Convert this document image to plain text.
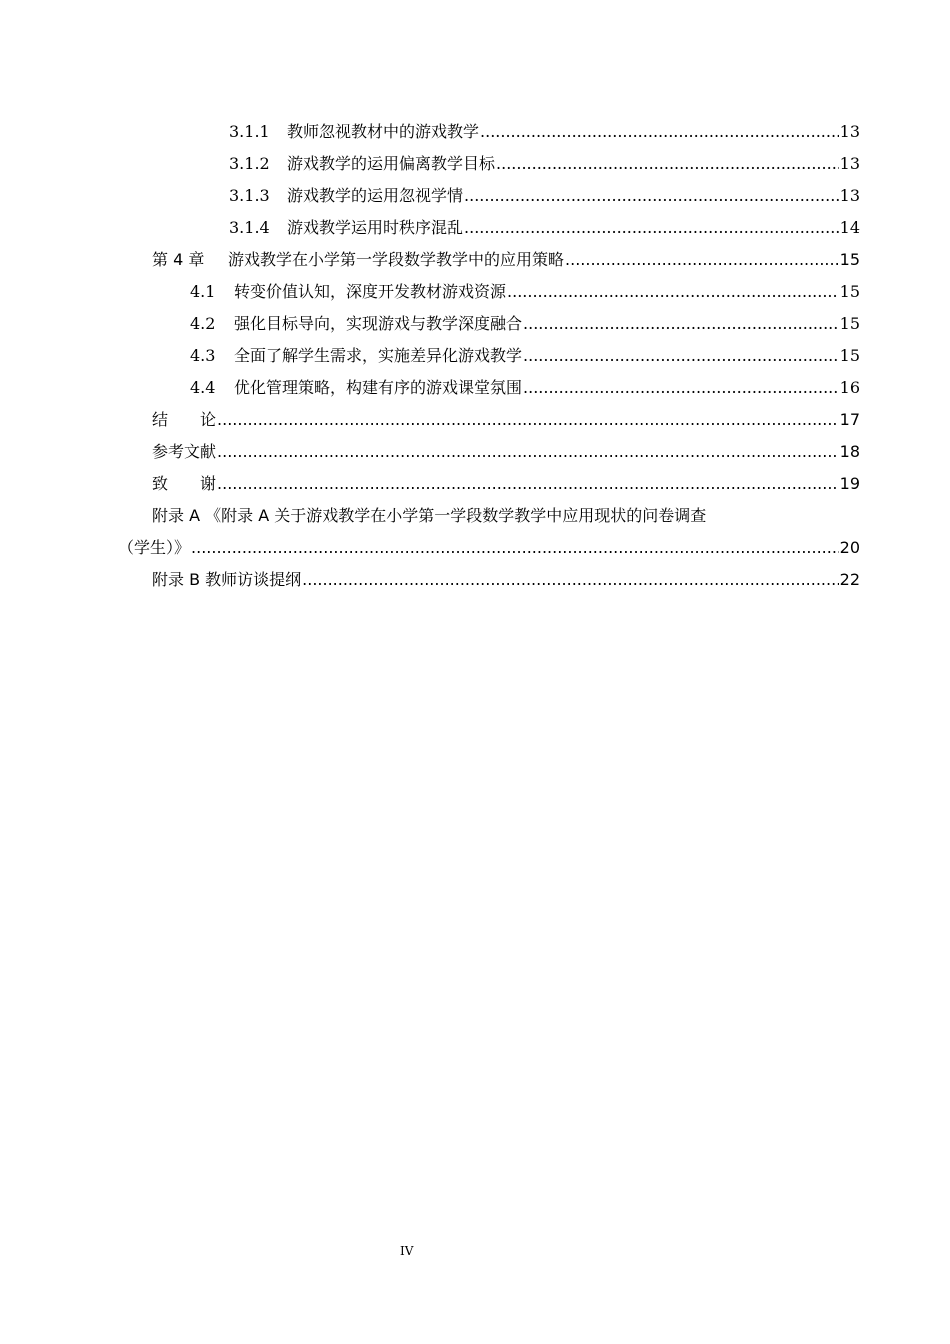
3.1.1	教师忽视教材中的游戏教学 .....	13
3.1.2	游戏教学的运用偏离教学目标 .....	13
3.1.3	游戏教学的运用忽视学情 .....	13
3.1.4	游戏教学运用时秩序混乱 .....	14
第 4 章	游戏教学在小学第一学段数学教学中的应用策略 .....	15
4.1	转变价值认知，深度开发教材游戏资源 .....	15
4.2	强化目标导向，实现游戏与教学深度融合 .....	15
4.3	全面了解学生需求，实施差异化游戏教学 .....	15
4.4	优化管理策略，构建有序的游戏课堂氛围 .....	16
结　　论 .....	17
参考文献 .....	18
致　　谢 .....	19
附录 A 《附录 A 关于游戏教学在小学第一学段数学教学中应用现状的问卷调查
（学生）》 .....	20
附录 B 教师访谈提纲 .....	22
IV
